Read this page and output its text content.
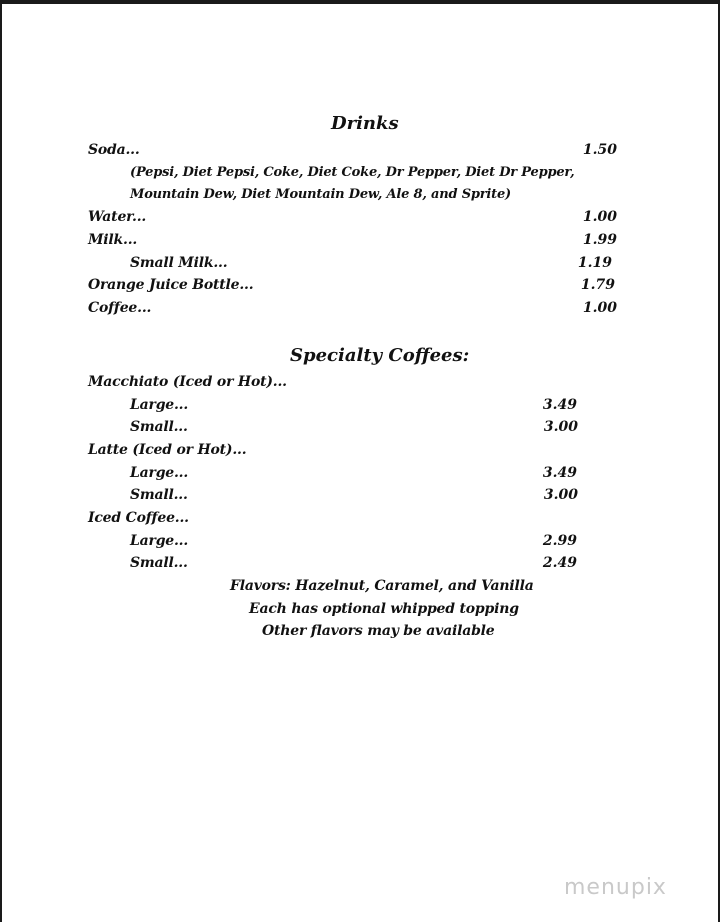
Drinks
Soda...	1.50
(Pepsi, Diet Pepsi, Coke, Diet Coke, Dr Pepper, Diet Dr Pepper,
Mountain Dew, Diet Mountain Dew, Ale 8, and Sprite)
Water...	1.00
Milk...	1.99
Small Milk...	1.19
Orange Juice Bottle...	1.79
Coffee...	1.00
Specialty Coffees:
Macchiato (Iced or Hot)...
Large...	3.49
Small...	3.00
Latte (Iced or Hot)...
Large...	3.49
Small...	3.00
Iced Coffee...
Large...	2.99
Small...	2.49
Flavors: Hazelnut, Caramel, and Vanilla
Each has optional whipped topping
Other flavors may be available
menupix
